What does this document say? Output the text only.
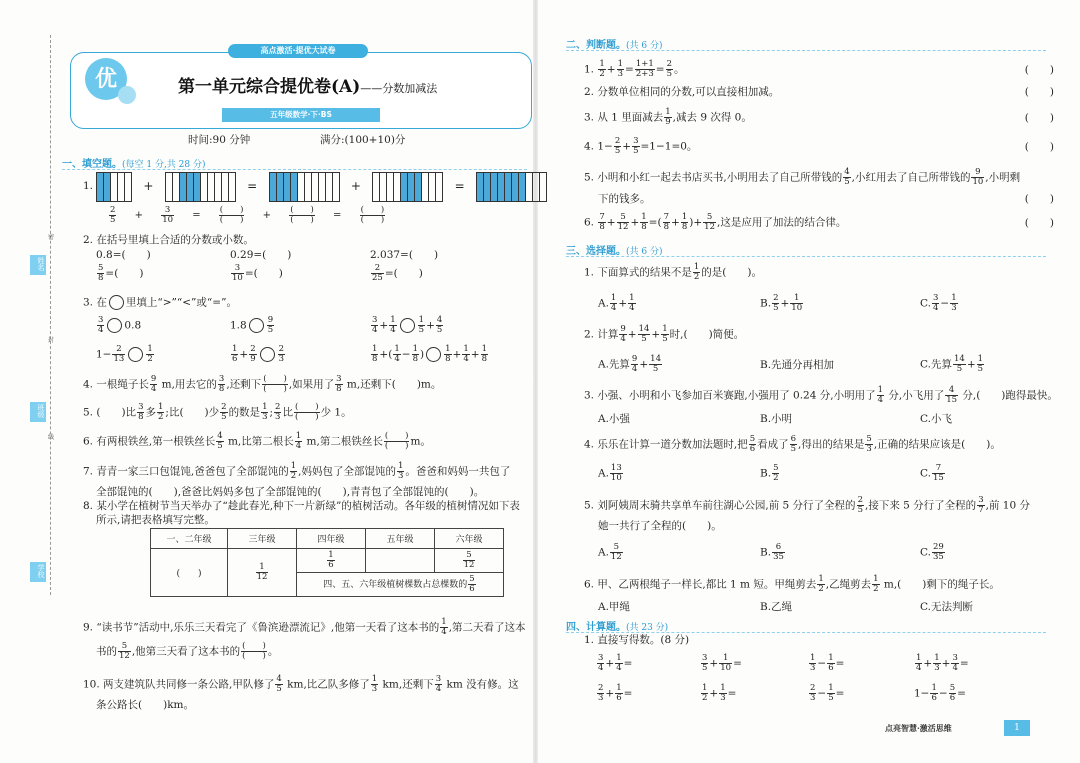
姓名
班级
学校
密
封
线
高点激活·提优大试卷
优	第一单元综合提优卷(A)——分数加减法
五年级数学·下·BS
时间:90 分钟	满分:(100+10)分
一、填空题。(每空 1 分,共 28 分)
1.	+	=	+	=
$\frac{2}{5} + \frac{3}{10}$ = (　　)
(　　) + (　　)
(　　) = (　　)
(　　)
2. 在括号里填上合适的分数或小数。
0.8=(　　)	0.29=(　　)	2.037=(　　)
$\frac{5}{8}$ =(　　)	$\frac{3}{10}$ =(　　)	$\frac{2}{25}$ =(　　)
3. 在 里填上“>”“<”或“=”。
$\frac{3}{4} 0.8$	$1.8 \frac{9}{5}$	$\frac{3}{4} + \frac{1}{4} \frac{1}{5} + \frac{4}{5}$
$1- \frac{2}{13} \frac{1}{2}$	$\frac{1}{6} + \frac{2}{9} \frac{2}{3}$	$\frac{1}{8}$ +( $\frac{1}{4} - \frac{1}{8}$ ) $\frac{1}{8} + \frac{1}{4} + \frac{1}{8}$
4. 一根绳子长 $\frac{9}{4} m$,用去它的 $\frac{3}{8}$ ,还剩下 (　　)
(　　) ,如果用了 $\frac{3}{8} m$,还剩下(　　)m。
5. (　　)比 $\frac{3}{8}$ 多 $\frac{1}{2}$ ;比(　　)少 $\frac{2}{5}$ 的数是 $\frac{1}{3}$ ; $\frac{2}{3}$ 比 (　　)
(　　) 少 1。
6. 有两根铁丝,第一根铁丝长 $\frac{4}{5} m$,比第二根长 $\frac{1}{4} m$,第二根铁丝长 (　　)
(　　) m。
7. 青青一家三口包馄饨,爸爸包了全部馄饨的 $\frac{1}{2}$ ,妈妈包了全部馄饨的 $\frac{1}{3}$ 。爸爸和妈妈一共包了
全部馄饨的(　　),爸爸比妈妈多包了全部馄饨的(　　),青青包了全部馄饨的(　　)。
8. 某小学在植树节当天举办了“趁此春光,种下一片新绿”的植树活动。各年级的植树情况如下表
所示,请把表格填写完整。
一、二年级	三年级	四年级	五年级	六年级
(　　)	$\frac{1}{12}$	$\frac{1}{6}$		$\frac{5}{12}$

		四、五、六年级植树棵数占总棵数的 $\frac{5}{6}$
9. “读书节”活动中,乐乐三天看完了《鲁滨逊漂流记》,他第一天看了这本书的 $\frac{1}{4}$ ,第二天看了这本
书的 $\frac{5}{12}$ ,他第三天看了这本书的 (　　)
(　　) 。
10. 两支建筑队共同修一条公路,甲队修了 $\frac{4}{5}$ km,比乙队多修了 $\frac{1}{3}$ km,还剩下 $\frac{3}{4}$ km 没有修。这
条公路长(　　)km。
二、判断题。(共 6 分)
1. $\frac{1}{2} + \frac{1}{3} = \frac{1+1}{2+3} = \frac{2}{5}$ 。	(　　)
2. 分数单位相同的分数,可以直接相加减。	(　　)
3. 从 1 里面减去 $\frac{1}{9}$ ,减去 9 次得 0。	(　　)
4. $1- \frac{2}{5} + \frac{3}{5} =1-1=0$。	(　　)
5. 小明和小红一起去书店买书,小明用去了自己所带钱的 $\frac{4}{5}$ ,小红用去了自己所带钱的 $\frac{9}{10}$ ,小明剩
下的钱多。	(　　)
6. $\frac{7}{8} + \frac{5}{12} + \frac{1}{8}$ =( $\frac{7}{8} + \frac{1}{8}$ )+ $\frac{5}{12}$ ,这是应用了加法的结合律。	(　　)
三、选择题。(共 6 分)
1. 下面算式的结果不是 $\frac{1}{2}$ 的是(　　)。
A. $\frac{1}{4} + \frac{1}{4}$	B. $\frac{2}{5} + \frac{1}{10}$	C. $\frac{3}{4} - \frac{1}{3}$
2. 计算 $\frac{9}{4} + \frac{14}{5} + \frac{1}{5}$ 时,(　　)简便。
A.先算 $\frac{9}{4} + \frac{14}{5}$	B.先通分再相加	C.先算 $\frac{14}{5} + \frac{1}{5}$
3. 小强、小明和小飞参加百米赛跑,小强用了 0.24 分,小明用了 $\frac{1}{4}$ 分,小飞用了 $\frac{4}{15}$ 分,(　　)跑得最快。
A.小强	B.小明	C.小飞
4. 乐乐在计算一道分数加法题时,把 $\frac{5}{6}$ 看成了 $\frac{6}{5}$ ,得出的结果是 $\frac{5}{3}$ ,正确的结果应该是(　　)。
A. $\frac{13}{10}$	B. $\frac{5}{2}$	C. $\frac{7}{15}$
5. 刘阿姨周末骑共享单车前往湖心公园,前 5 分行了全程的 $\frac{2}{5}$ ,接下来 5 分行了全程的 $\frac{3}{7}$ ,前 10 分
她一共行了全程的(　　)。
A. $\frac{5}{12}$	B. $\frac{6}{35}$	C. $\frac{29}{35}$
6. 甲、乙两根绳子一样长,都比 1 m 短。甲绳剪去 $\frac{1}{2}$ ,乙绳剪去 $\frac{1}{2} m$,(　　)剩下的绳子长。
A.甲绳	B.乙绳	C.无法判断
四、计算题。(共 23 分)
1. 直接写得数。(8 分)
$\frac{3}{4} + \frac{1}{4}$ =	$\frac{3}{5} + \frac{1}{10}$ =	$\frac{1}{3} - \frac{1}{6}$ =	$\frac{1}{4} + \frac{1}{3} + \frac{3}{4}$ =
$\frac{2}{3} + \frac{1}{6}$ =	$\frac{1}{2} + \frac{1}{3}$ =	$\frac{2}{3} - \frac{1}{5}$ =	$1- \frac{1}{6} - \frac{5}{6}$ =
点亮智慧·激活思维	1
